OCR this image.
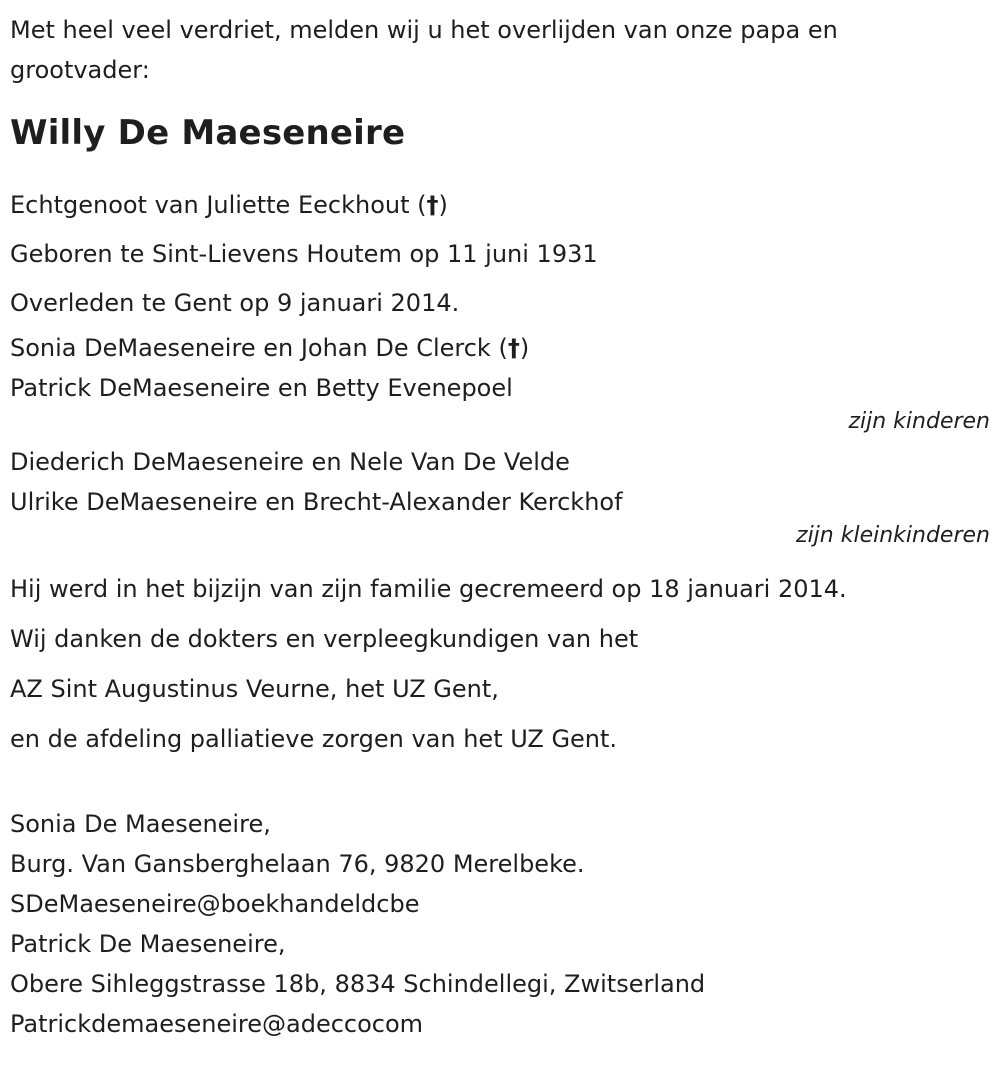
Met heel veel verdriet, melden wij u het overlijden van onze papa en
grootvader:
Willy De Maeseneire
Echtgenoot van Juliette Eeckhout (†)
Geboren te Sint-Lievens Houtem op 11 juni 1931
Overleden te Gent op 9 januari 2014.
Sonia DeMaeseneire en Johan De Clerck (†)
Patrick DeMaeseneire en Betty Evenepoel
zijn kinderen
Diederich DeMaeseneire en Nele Van De Velde
Ulrike DeMaeseneire en Brecht-Alexander Kerckhof
zijn kleinkinderen
Hij werd in het bijzijn van zijn familie gecremeerd op 18 januari 2014.
Wij danken de dokters en verpleegkundigen van het
AZ Sint Augustinus Veurne, het UZ Gent,
en de afdeling palliatieve zorgen van het UZ Gent.
Sonia De Maeseneire,
Burg. Van Gansberghelaan 76, 9820 Merelbeke.
SDeMaeseneire@boekhandeldcbe
Patrick De Maeseneire,
Obere Sihleggstrasse 18b, 8834 Schindellegi, Zwitserland
Patrickdemaeseneire@adeccocom
